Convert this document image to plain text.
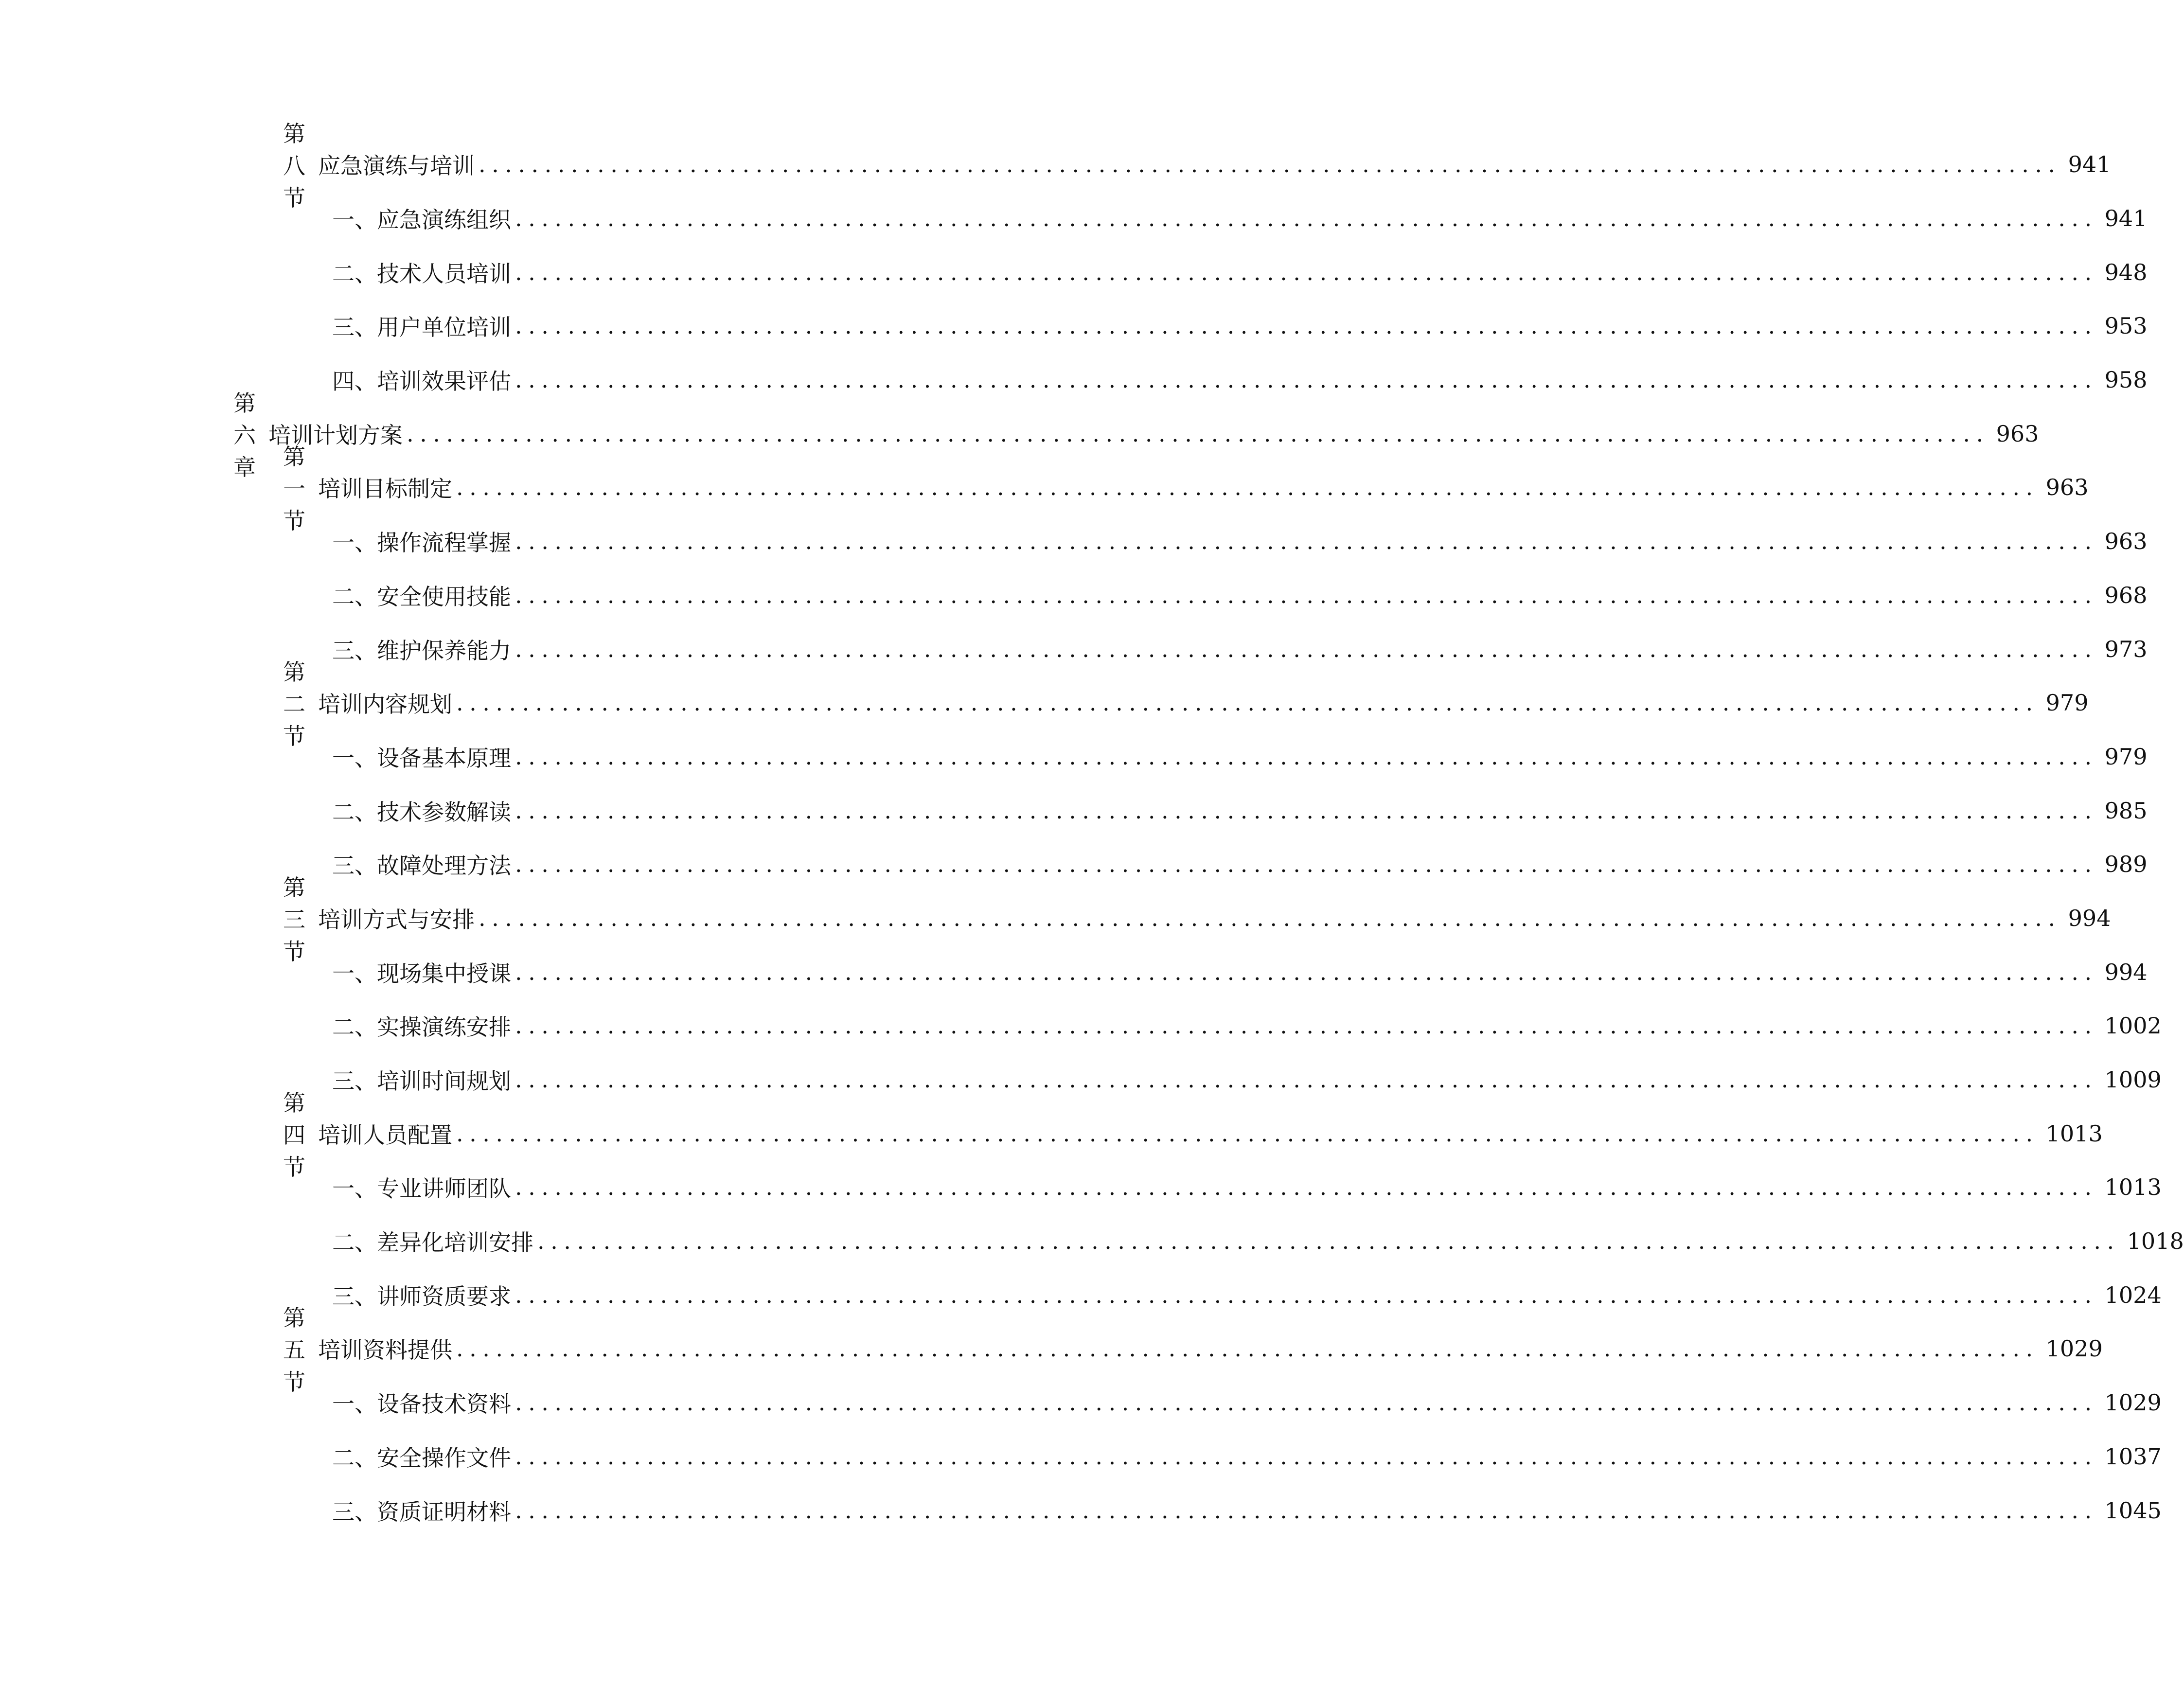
第八节
应急演练与培训 ........................................................................................................................ 941
一、 应急演练组织 ........................................................................................................................ 941
二、 技术人员培训 ........................................................................................................................ 948
三、 用户单位培训 ........................................................................................................................ 953
四、 培训效果评估 ........................................................................................................................ 958
第六章
培训计划方案 ........................................................................................................................ 963
第一节
培训目标制定 ........................................................................................................................ 963
一、 操作流程掌握 ........................................................................................................................ 963
二、 安全使用技能 ........................................................................................................................ 968
三、 维护保养能力 ........................................................................................................................ 973
第二节
培训内容规划 ........................................................................................................................ 979
一、 设备基本原理 ........................................................................................................................ 979
二、 技术参数解读 ........................................................................................................................ 985
三、 故障处理方法 ........................................................................................................................ 989
第三节
培训方式与安排 ........................................................................................................................ 994
一、 现场集中授课 ........................................................................................................................ 994
二、 实操演练安排 ........................................................................................................................ 1002
三、 培训时间规划 ........................................................................................................................ 1009
第四节
培训人员配置 ........................................................................................................................ 1013
一、 专业讲师团队 ........................................................................................................................ 1013
二、 差异化培训安排 ........................................................................................................................ 1018
三、 讲师资质要求 ........................................................................................................................ 1024
第五节
培训资料提供 ........................................................................................................................ 1029
一、 设备技术资料 ........................................................................................................................ 1029
二、 安全操作文件 ........................................................................................................................ 1037
三、 资质证明材料 ........................................................................................................................ 1045
